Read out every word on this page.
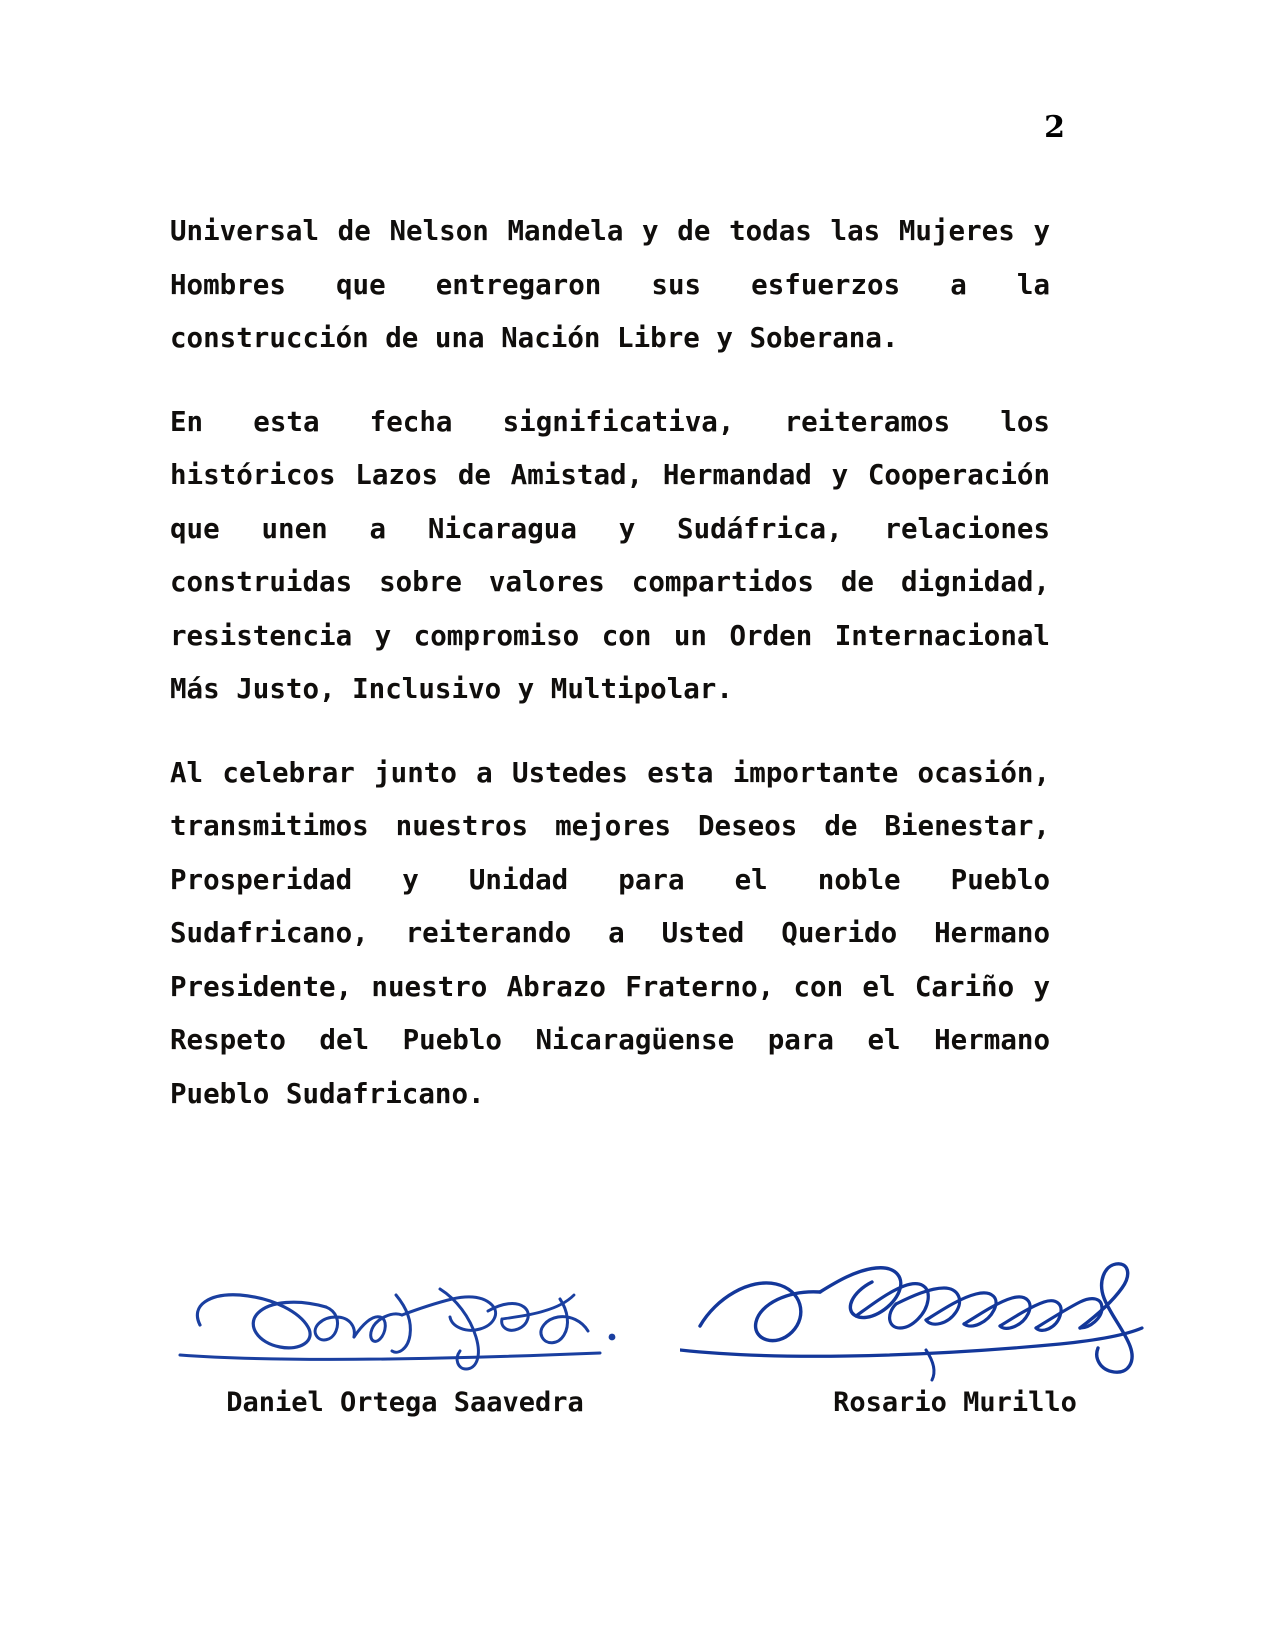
2

Universal de Nelson Mandela y de todas las Mujeres y Hombres que entregaron sus esfuerzos a la construcción de una Nación Libre y Soberana.

En esta fecha significativa, reiteramos los históricos Lazos de Amistad, Hermandad y Cooperación que unen a Nicaragua y Sudáfrica, relaciones construidas sobre valores compartidos de dignidad, resistencia y compromiso con un Orden Internacional Más Justo, Inclusivo y Multipolar.

Al celebrar junto a Ustedes esta importante ocasión, transmitimos nuestros mejores Deseos de Bienestar, Prosperidad y Unidad para el noble Pueblo Sudafricano, reiterando a Usted Querido Hermano Presidente, nuestro Abrazo Fraterno, con el Cariño y Respeto del Pueblo Nicaragüense para el Hermano Pueblo Sudafricano.

Daniel Ortega Saavedra	Rosario Murillo
